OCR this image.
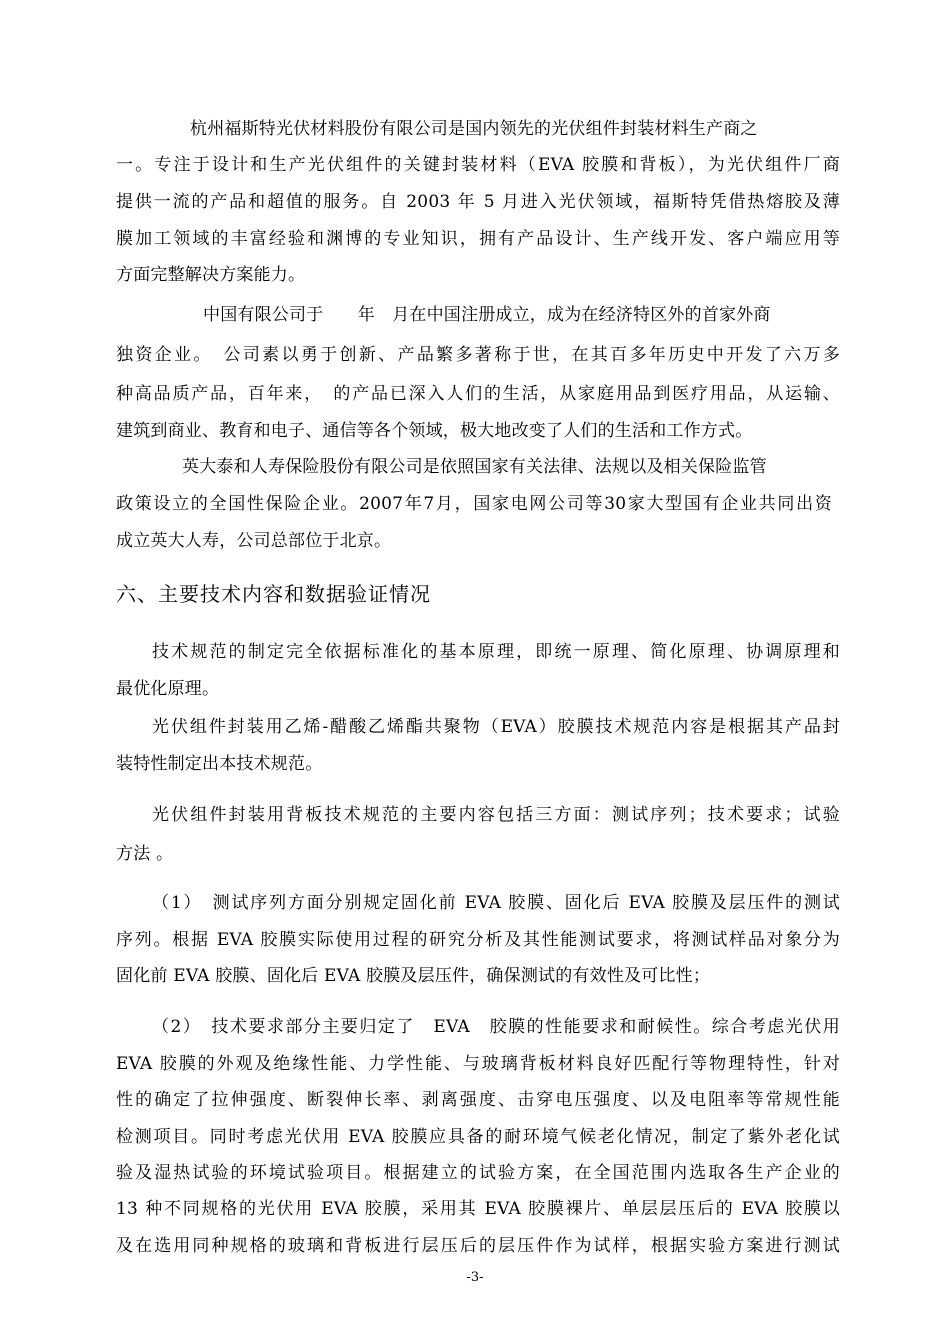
杭州福斯特光伏材料股份有限公司是国内领先的光伏组件封装材料生产商之
一。专注于设计和生产光伏组件的关键封装材料（EVA 胶膜和背板），为光伏组件厂商
提供一流的产品和超值的服务。自 2003 年 5 月进入光伏领域，福斯特凭借热熔胶及薄
膜加工领域的丰富经验和渊博的专业知识，拥有产品设计、生产线开发、客户端应用等
方面完整解决方案能力。
中国有限公司于　　年　月在中国注册成立，成为在经济特区外的首家外商
独资企业。　公司素以勇于创新、产品繁多著称于世，在其百多年历史中开发了六万多
种高品质产品，百年来，　的产品已深入人们的生活，从家庭用品到医疗用品，从运输、
建筑到商业、教育和电子、通信等各个领域，极大地改变了人们的生活和工作方式。
英大泰和人寿保险股份有限公司是依照国家有关法律、法规以及相关保险监管
政策设立的全国性保险企业。2007年7月，国家电网公司等30家大型国有企业共同出资
成立英大人寿，公司总部位于北京。
六、主要技术内容和数据验证情况
技术规范的制定完全依据标准化的基本原理，即统一原理、简化原理、协调原理和
最优化原理。
光伏组件封装用乙烯-醋酸乙烯酯共聚物（EVA）胶膜技术规范内容是根据其产品封
装特性制定出本技术规范。
光伏组件封装用背板技术规范的主要内容包括三方面：测试序列；技术要求；试验
方法 。
（1）　测试序列方面分别规定固化前 EVA 胶膜、固化后 EVA 胶膜及层压件的测试
序列。根据 EVA 胶膜实际使用过程的研究分析及其性能测试要求，将测试样品对象分为
固化前 EVA 胶膜、固化后 EVA 胶膜及层压件，确保测试的有效性及可比性；
（2）　技术要求部分主要归定了　EVA　胶膜的性能要求和耐候性。综合考虑光伏用
EVA 胶膜的外观及绝缘性能、力学性能、与玻璃背板材料良好匹配行等物理特性，针对
性的确定了拉伸强度、断裂伸长率、剥离强度、击穿电压强度、以及电阻率等常规性能
检测项目。同时考虑光伏用 EVA 胶膜应具备的耐环境气候老化情况，制定了紫外老化试
验及湿热试验的环境试验项目。根据建立的试验方案，在全国范围内选取各生产企业的
13 种不同规格的光伏用 EVA 胶膜，采用其 EVA 胶膜裸片、单层层压后的 EVA 胶膜以
及在选用同种规格的玻璃和背板进行层压后的层压件作为试样，根据实验方案进行测试
-3-
